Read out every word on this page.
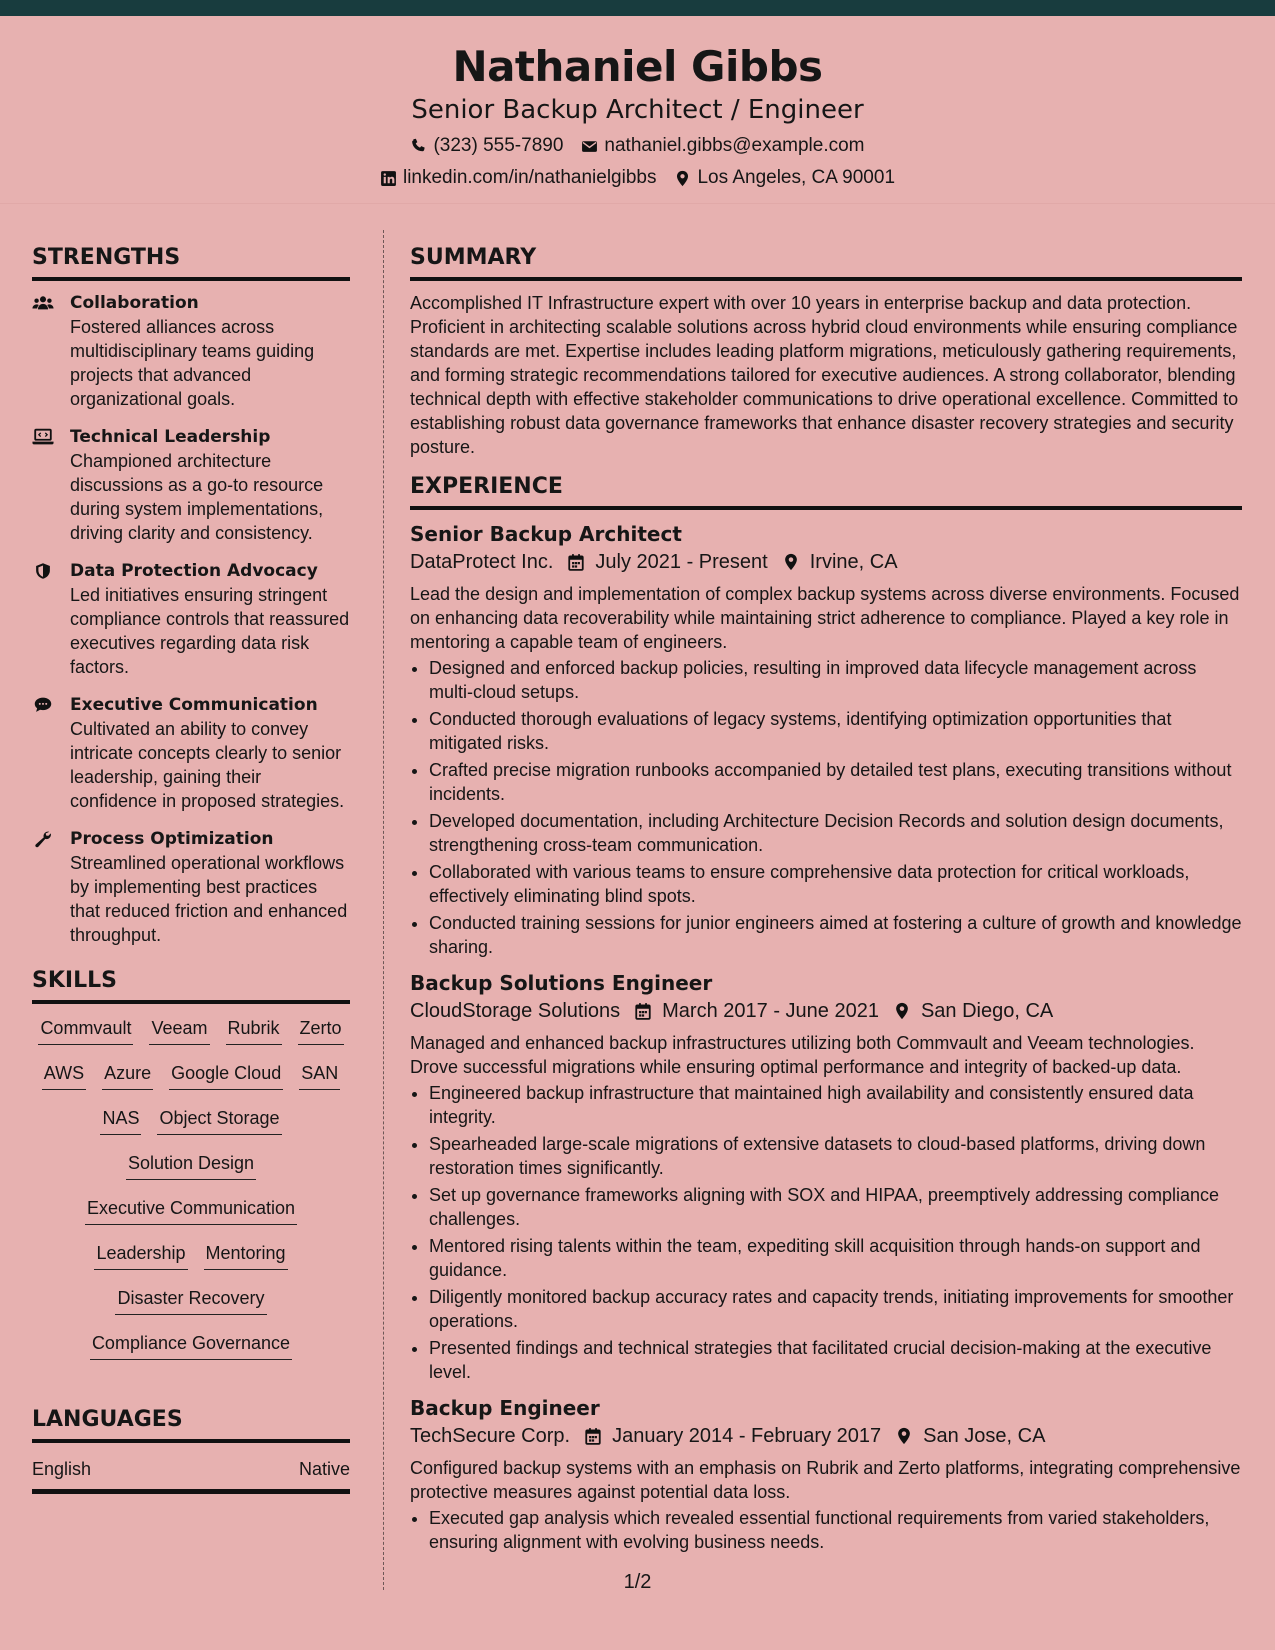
Nathaniel Gibbs
Senior Backup Architect / Engineer
(323) 555-7890 nathaniel.gibbs@example.com
linkedin.com/in/nathanielgibbs Los Angeles, CA 90001
STRENGTHS
Collaboration
Fostered alliances across multidisciplinary teams guiding projects that advanced organizational goals.
Technical Leadership
Championed architecture discussions as a go-to resource during system implementations, driving clarity and consistency.
Data Protection Advocacy
Led initiatives ensuring stringent compliance controls that reassured executives regarding data risk factors.
Executive Communication
Cultivated an ability to convey intricate concepts clearly to senior leadership, gaining their confidence in proposed strategies.
Process Optimization
Streamlined operational workflows by implementing best practices that reduced friction and enhanced throughput.
SKILLS
Commvault Veeam Rubrik Zerto
AWS Azure Google Cloud SAN
NAS Object Storage
Solution Design
Executive Communication
Leadership Mentoring
Disaster Recovery
Compliance Governance
LANGUAGES
English	Native
SUMMARY

Accomplished IT Infrastructure expert with over 10 years in enterprise backup and data protection. Proficient in architecting scalable solutions across hybrid cloud environments while ensuring compliance standards are met. Expertise includes leading platform migrations, meticulously gathering requirements, and forming strategic recommendations tailored for executive audiences. A strong collaborator, blending technical depth with effective stakeholder communications to drive operational excellence. Committed to establishing robust data governance frameworks that enhance disaster recovery strategies and security posture.

EXPERIENCE
Senior Backup Architect
DataProtect Inc. July 2021 - Present Irvine, CA

Lead the design and implementation of complex backup systems across diverse environments. Focused on enhancing data recoverability while maintaining strict adherence to compliance. Played a key role in mentoring a capable team of engineers.

• Designed and enforced backup policies, resulting in improved data lifecycle management across multi-cloud setups.
• Conducted thorough evaluations of legacy systems, identifying optimization opportunities that mitigated risks.
• Crafted precise migration runbooks accompanied by detailed test plans, executing transitions without incidents.
• Developed documentation, including Architecture Decision Records and solution design documents, strengthening cross-team communication.
• Collaborated with various teams to ensure comprehensive data protection for critical workloads, effectively eliminating blind spots.
• Conducted training sessions for junior engineers aimed at fostering a culture of growth and knowledge sharing.
Backup Solutions Engineer
CloudStorage Solutions March 2017 - June 2021 San Diego, CA

Managed and enhanced backup infrastructures utilizing both Commvault and Veeam technologies. Drove successful migrations while ensuring optimal performance and integrity of backed-up data.

• Engineered backup infrastructure that maintained high availability and consistently ensured data integrity.
• Spearheaded large-scale migrations of extensive datasets to cloud-based platforms, driving down restoration times significantly.
• Set up governance frameworks aligning with SOX and HIPAA, preemptively addressing compliance challenges.
• Mentored rising talents within the team, expediting skill acquisition through hands-on support and guidance.
• Diligently monitored backup accuracy rates and capacity trends, initiating improvements for smoother operations.
• Presented findings and technical strategies that facilitated crucial decision-making at the executive level.
Backup Engineer
TechSecure Corp. January 2014 - February 2017 San Jose, CA

Configured backup systems with an emphasis on Rubrik and Zerto platforms, integrating comprehensive protective measures against potential data loss.

• Executed gap analysis which revealed essential functional requirements from varied stakeholders, ensuring alignment with evolving business needs.
1/2
